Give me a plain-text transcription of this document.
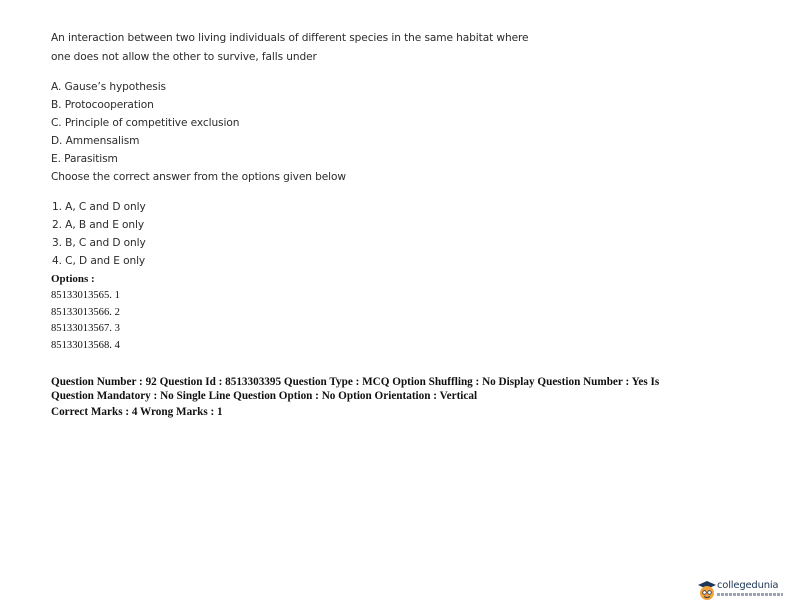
An interaction between two living individuals of different species in the same habitat where
one does not allow the other to survive, falls under
A. Gause’s hypothesis
B. Protocooperation
C. Principle of competitive exclusion
D. Ammensalism
E. Parasitism
Choose the correct answer from the options given below
1. A, C and D only
2. A, B and E only
3. B, C and D only
4. C, D and E only
Options :
85133013565. 1
85133013566. 2
85133013567. 3
85133013568. 4
Question Number : 92 Question Id : 8513303395 Question Type : MCQ Option Shuffling : No Display Question Number : Yes Is
Question Mandatory : No Single Line Question Option : No Option Orientation : Vertical
Correct Marks : 4 Wrong Marks : 1
collegedunia
